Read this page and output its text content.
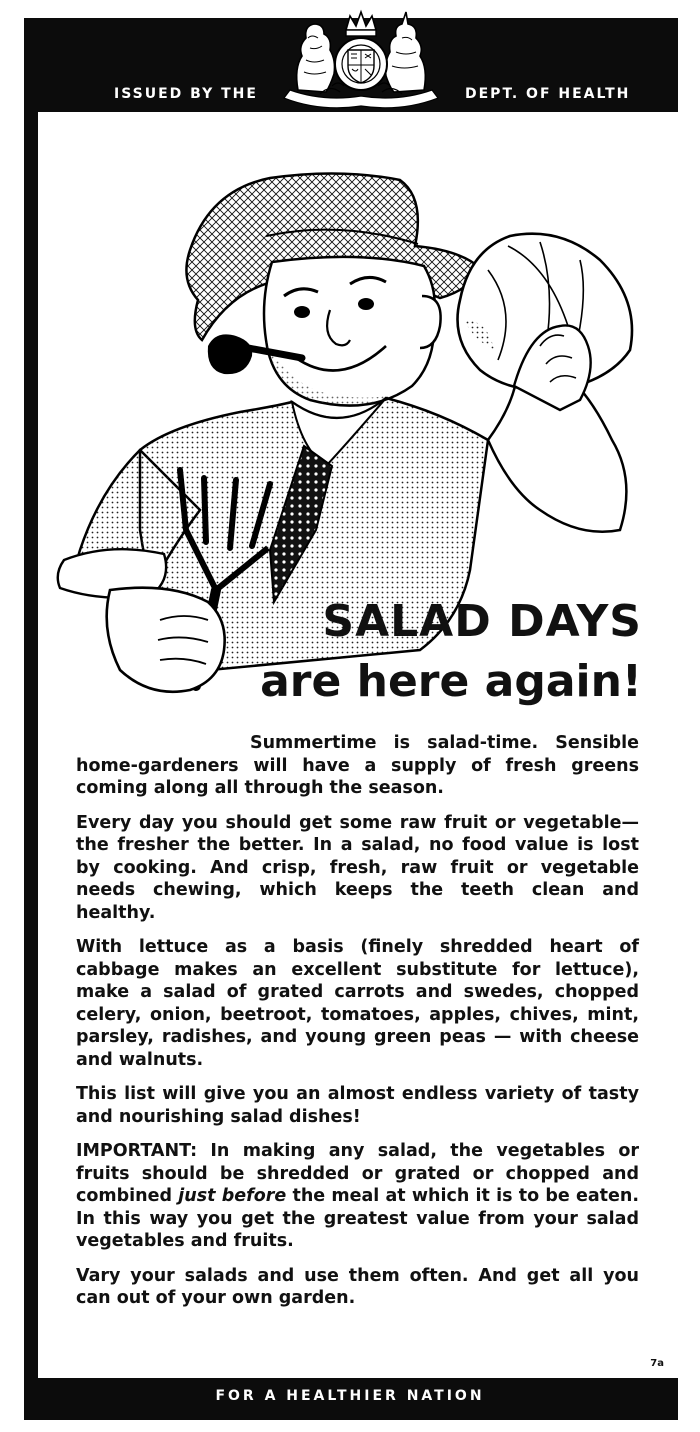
ISSUED BY THE	DEPT. OF HEALTH
SALAD DAYS
are here again!

Summertime is salad-time. Sensible home-gardeners will have a supply of fresh greens coming along all through the season.

Every day you should get some raw fruit or vegetable—the fresher the better. In a salad, no food value is lost by cooking. And crisp, fresh, raw fruit or vegetable needs chewing, which keeps the teeth clean and healthy.

With lettuce as a basis (finely shredded heart of cabbage makes an excellent substitute for lettuce), make a salad of grated carrots and swedes, chopped celery, onion, beetroot, tomatoes, apples, chives, mint, parsley, radishes, and young green peas — with cheese and walnuts.

This list will give you an almost endless variety of tasty and nourishing salad dishes!

IMPORTANT: In making any salad, the vegetables or fruits should be shredded or grated or chopped and combined just before the meal at which it is to be eaten. In this way you get the greatest value from your salad vegetables and fruits.

Vary your salads and use them often. And get all you can out of your own garden.

7a
FOR A HEALTHIER NATION
